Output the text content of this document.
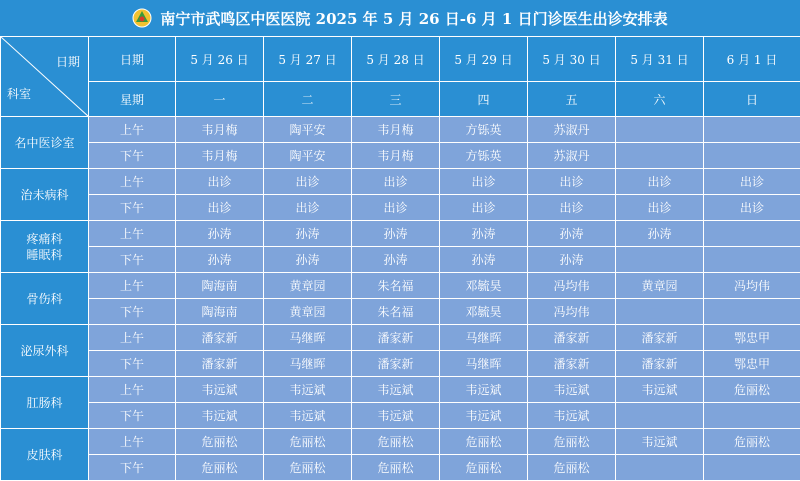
南宁市武鸣区中医医院 2025 年 5 月 26 日-6 月 1 日门诊医生出诊安排表
日期
科室	日期	5 月 26 日	5 月 27 日	5 月 28 日	5 月 29 日	5 月 30 日	5 月 31 日	6 月 1 日
	星期	一	二	三	四	五	六	日

名中医诊室	上午	韦月梅	陶平安	韦月梅	方铄英	苏淑丹		
	下午	韦月梅	陶平安	韦月梅	方铄英	苏淑丹		

治未病科	上午	出诊	出诊	出诊	出诊	出诊	出诊	出诊
	下午	出诊	出诊	出诊	出诊	出诊	出诊	出诊

疼痛科
睡眠科	上午	孙涛	孙涛	孙涛	孙涛	孙涛	孙涛	
	下午	孙涛	孙涛	孙涛	孙涛	孙涛		

骨伤科	上午	陶海南	黄章园	朱名福	邓毓昊	冯均伟	黄章园	冯均伟
	下午	陶海南	黄章园	朱名福	邓毓昊	冯均伟		

泌尿外科	上午	潘家新	马继晖	潘家新	马继晖	潘家新	潘家新	鄂忠甲
	下午	潘家新	马继晖	潘家新	马继晖	潘家新	潘家新	鄂忠甲

肛肠科	上午	韦远斌	韦远斌	韦远斌	韦远斌	韦远斌	韦远斌	危丽松
	下午	韦远斌	韦远斌	韦远斌	韦远斌	韦远斌		

皮肤科	上午	危丽松	危丽松	危丽松	危丽松	危丽松	韦远斌	危丽松
	下午	危丽松	危丽松	危丽松	危丽松	危丽松		
